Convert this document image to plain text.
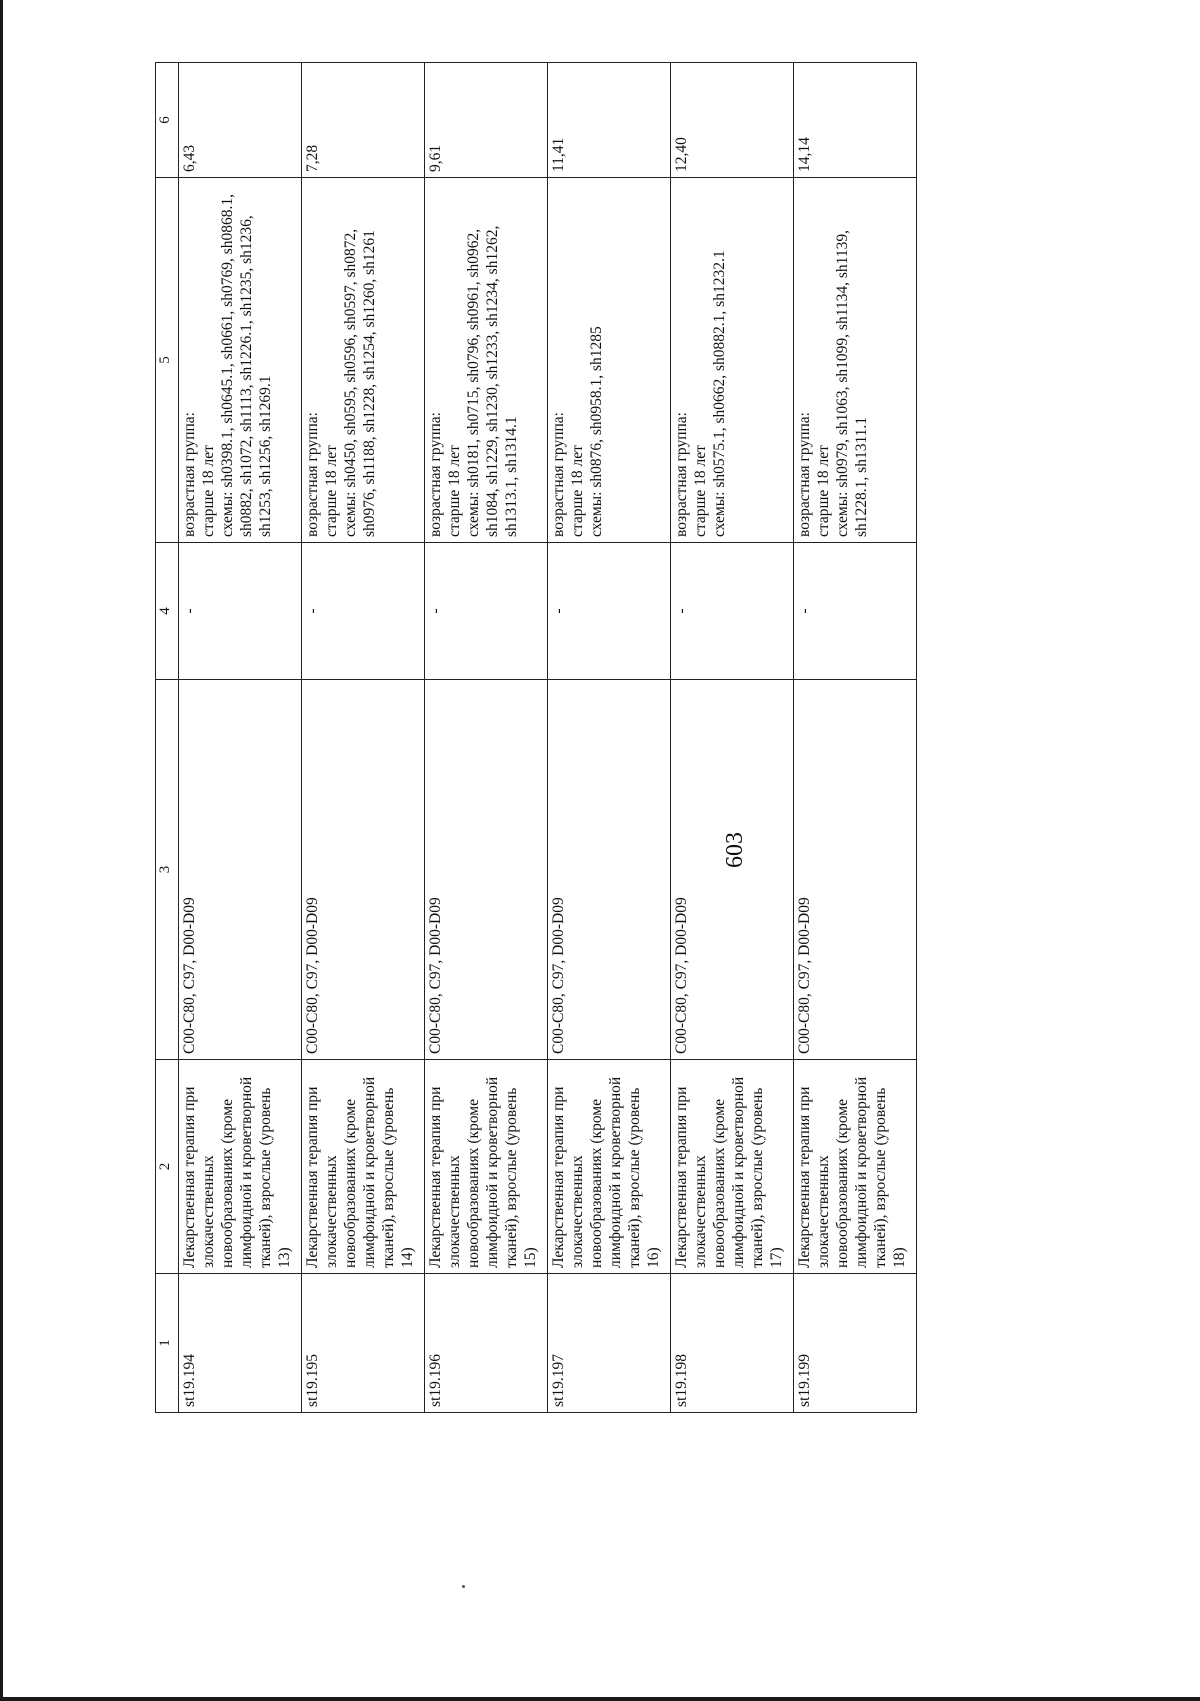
603
1	2	3	4	5	6
st19.194	Лекарственная терапия при злокачественных новообразованиях (кроме лимфоидной и кроветворной тканей), взрослые (уровень 13)	C00-C80, C97, D00-D09	-	возрастная группа: старше 18 лет схемы: sh0398.1, sh0645.1, sh0661, sh0769, sh0868.1, sh0882, sh1072, sh1113, sh1226.1, sh1235, sh1236, sh1253, sh1256, sh1269.1	6,43
st19.195	Лекарственная терапия при злокачественных новообразованиях (кроме лимфоидной и кроветворной тканей), взрослые (уровень 14)	C00-C80, C97, D00-D09	-	возрастная группа: старше 18 лет схемы: sh0450, sh0595, sh0596, sh0597, sh0872, sh0976, sh1188, sh1228, sh1254, sh1260, sh1261	7,28
st19.196	Лекарственная терапия при злокачественных новообразованиях (кроме лимфоидной и кроветворной тканей), взрослые (уровень 15)	C00-C80, C97, D00-D09	-	возрастная группа: старше 18 лет схемы: sh0181, sh0715, sh0796, sh0961, sh0962, sh1084, sh1229, sh1230, sh1233, sh1234, sh1262, sh1313.1, sh1314.1	9,61
st19.197	Лекарственная терапия при злокачественных новообразованиях (кроме лимфоидной и кроветворной тканей), взрослые (уровень 16)	C00-C80, C97, D00-D09	-	возрастная группа: старше 18 лет схемы: sh0876, sh0958.1, sh1285	11,41
st19.198	Лекарственная терапия при злокачественных новообразованиях (кроме лимфоидной и кроветворной тканей), взрослые (уровень 17)	C00-C80, C97, D00-D09	-	возрастная группа: старше 18 лет схемы: sh0575.1, sh0662, sh0882.1, sh1232.1	12,40
st19.199	Лекарственная терапия при злокачественных новообразованиях (кроме лимфоидной и кроветворной тканей), взрослые (уровень 18)	C00-C80, C97, D00-D09	-	возрастная группа: старше 18 лет схемы: sh0979, sh1063, sh1099, sh1134, sh1139, sh1228.1, sh1311.1	14,14
